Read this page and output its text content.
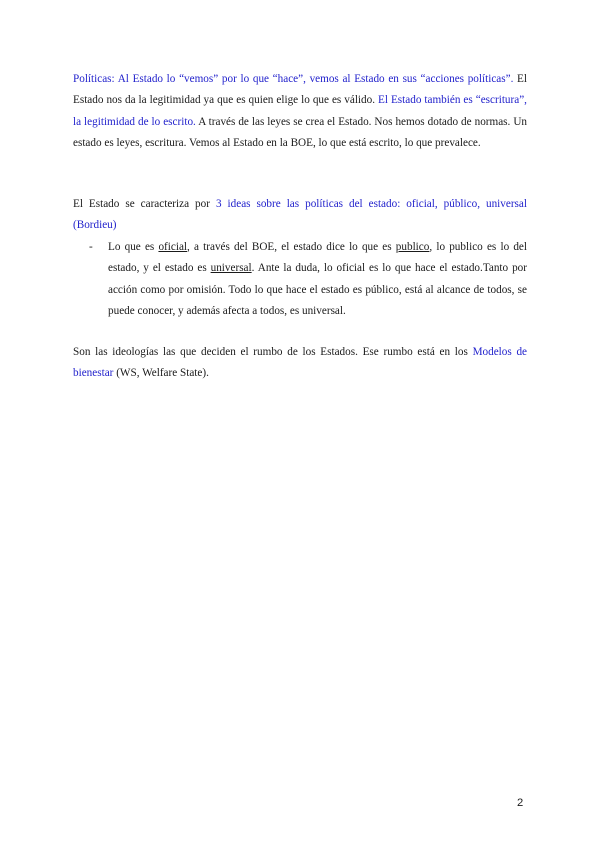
Políticas: Al Estado lo “vemos” por lo que “hace”, vemos al Estado en sus “acciones políticas”. El Estado nos da la legitimidad ya que es quien elige lo que es válido. El Estado también es “escritura”, la legitimidad de lo escrito. A través de las leyes se crea el Estado. Nos hemos dotado de normas. Un estado es leyes, escritura. Vemos al Estado en la BOE, lo que está escrito, lo que prevalece.

El Estado se caracteriza por 3 ideas sobre las políticas del estado: oficial, público, universal (Bordieu)

- Lo que es oficial, a través del BOE, el estado dice lo que es publico, lo publico es lo del estado, y el estado es universal. Ante la duda, lo oficial es lo que hace el estado.Tanto por acción como por omisión. Todo lo que hace el estado es público, está al alcance de todos, se puede conocer, y además afecta a todos, es universal.

Son las ideologías las que deciden el rumbo de los Estados. Ese rumbo está en los Modelos de bienestar (WS, Welfare State).

2
